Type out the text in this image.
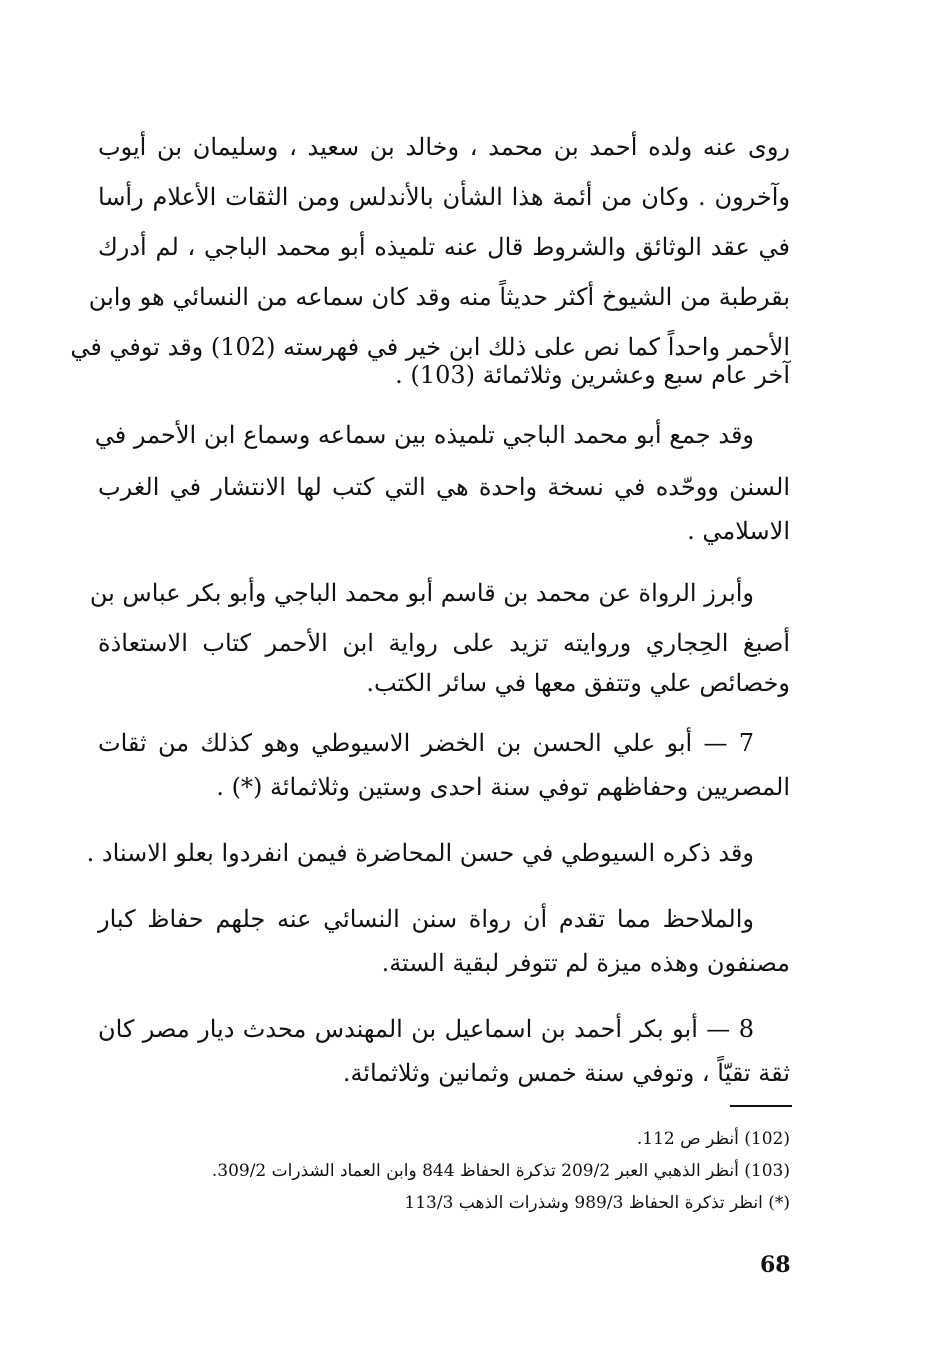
روى عنه ولده أحمد بن محمد ، وخالد بن سعيد ، وسليمان بن أيوب
وآخرون . وكان من أئمة هذا الشأن بالأندلس ومن الثقات الأعلام رأسا
في عقد الوثائق والشروط قال عنه تلميذه أبو محمد الباجي ، لم أدرك
بقرطبة من الشيوخ أكثر حديثاً منه وقد كان سماعه من النسائي هو وابن
الأحمر واحداً كما نص على ذلك ابن خير في فهرسته (102) وقد توفي في
آخر عام سبع وعشرين وثلاثمائة (103) .
وقد جمع أبو محمد الباجي تلميذه بين سماعه وسماع ابن الأحمر في
السنن ووحّده في نسخة واحدة هي التي كتب لها الانتشار في الغرب
الاسلامي .
وأبرز الرواة عن محمد بن قاسم أبو محمد الباجي وأبو بكر عباس بن
أصبغ الحِجاري وروايته تزيد على رواية ابن الأحمر كتاب الاستعاذة
وخصائص علي وتتفق معها في سائر الكتب.
7 — أبو علي الحسن بن الخضر الاسيوطي وهو كذلك من ثقات
المصريين وحفاظهم توفي سنة احدى وستين وثلاثمائة (*) .
وقد ذكره السيوطي في حسن المحاضرة فيمن انفردوا بعلو الاسناد .
والملاحظ مما تقدم أن رواة سنن النسائي عنه جلهم حفاظ كبار
مصنفون وهذه ميزة لم تتوفر لبقية الستة.
8 — أبو بكر أحمد بن اسماعيل بن المهندس محدث ديار مصر كان
ثقة تقيّاً ، وتوفي سنة خمس وثمانين وثلاثمائة.
(102) أنظر ص 112.
(103) أنظر الذهبي العبر 209/2 تذكرة الحفاظ 844 وابن العماد الشذرات 309/2.
(*) انظر تذكرة الحفاظ 989/3 وشذرات الذهب 113/3
68
